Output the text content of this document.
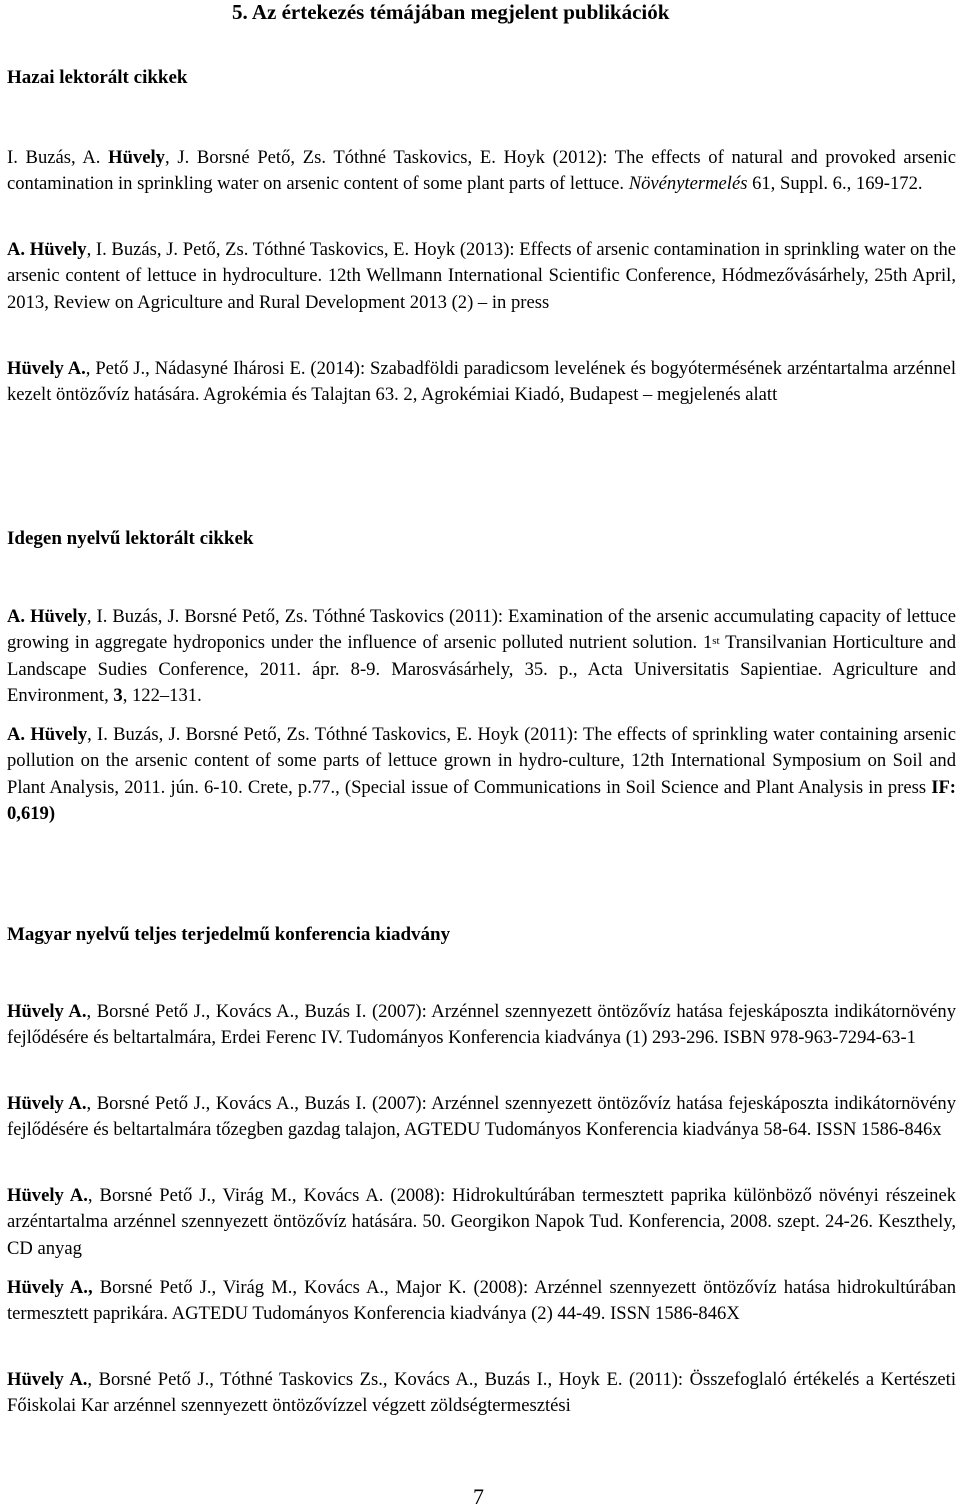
5. Az értekezés témájában megjelent publikációk
Hazai lektorált cikkek

I. Buzás, A. Hüvely, J. Borsné Pető, Zs. Tóthné Taskovics, E. Hoyk (2012): The effects of natural and provoked arsenic contamination in sprinkling water on arsenic content of some plant parts of lettuce. Növénytermelés 61, Suppl. 6., 169-172.

A. Hüvely, I. Buzás, J. Pető, Zs. Tóthné Taskovics, E. Hoyk (2013): Effects of arsenic contamination in sprinkling water on the arsenic content of lettuce in hydroculture. 12th Wellmann International Scientific Conference, Hódmezővásárhely, 25th April, 2013, Review on Agriculture and Rural Development 2013 (2) – in press

Hüvely A., Pető J., Nádasyné Ihárosi E. (2014): Szabadföldi paradicsom levelének és bogyótermésének arzéntartalma arzénnel kezelt öntözővíz hatására. Agrokémia és Talajtan 63. 2, Agrokémiai Kiadó, Budapest – megjelenés alatt

Idegen nyelvű lektorált cikkek

A. Hüvely, I. Buzás, J. Borsné Pető, Zs. Tóthné Taskovics (2011): Examination of the arsenic accumulating capacity of lettuce growing in aggregate hydroponics under the influence of arsenic polluted nutrient solution. 1st Transilvanian Horticulture and Landscape Sudies Conference, 2011. ápr. 8-9. Marosvásárhely, 35. p., Acta Universitatis Sapientiae. Agriculture and Environment, 3, 122–131.

A. Hüvely, I. Buzás, J. Borsné Pető, Zs. Tóthné Taskovics, E. Hoyk (2011): The effects of sprinkling water containing arsenic pollution on the arsenic content of some parts of lettuce grown in hydro-culture, 12th International Symposium on Soil and Plant Analysis, 2011. jún. 6-10. Crete, p.77., (Special issue of Communications in Soil Science and Plant Analysis in press IF: 0,619)

Magyar nyelvű teljes terjedelmű konferencia kiadvány

Hüvely A., Borsné Pető J., Kovács A., Buzás I. (2007): Arzénnel szennyezett öntözővíz hatása fejeskáposzta indikátornövény fejlődésére és beltartalmára, Erdei Ferenc IV. Tudományos Konferencia kiadványa (1) 293-296. ISBN 978-963-7294-63-1

Hüvely A., Borsné Pető J., Kovács A., Buzás I. (2007): Arzénnel szennyezett öntözővíz hatása fejeskáposzta indikátornövény fejlődésére és beltartalmára tőzegben gazdag talajon, AGTEDU Tudományos Konferencia kiadványa 58-64. ISSN 1586-846x

Hüvely A., Borsné Pető J., Virág M., Kovács A. (2008): Hidrokultúrában termesztett paprika különböző növényi részeinek arzéntartalma arzénnel szennyezett öntözővíz hatására. 50. Georgikon Napok Tud. Konferencia, 2008. szept. 24-26. Keszthely, CD anyag

Hüvely A., Borsné Pető J., Virág M., Kovács A., Major K. (2008): Arzénnel szennyezett öntözővíz hatása hidrokultúrában termesztett paprikára. AGTEDU Tudományos Konferencia kiadványa (2) 44-49. ISSN 1586-846X

Hüvely A., Borsné Pető J., Tóthné Taskovics Zs., Kovács A., Buzás I., Hoyk E. (2011): Összefoglaló értékelés a Kertészeti Főiskolai Kar arzénnel szennyezett öntözővízzel végzett zöldségtermesztési

7
